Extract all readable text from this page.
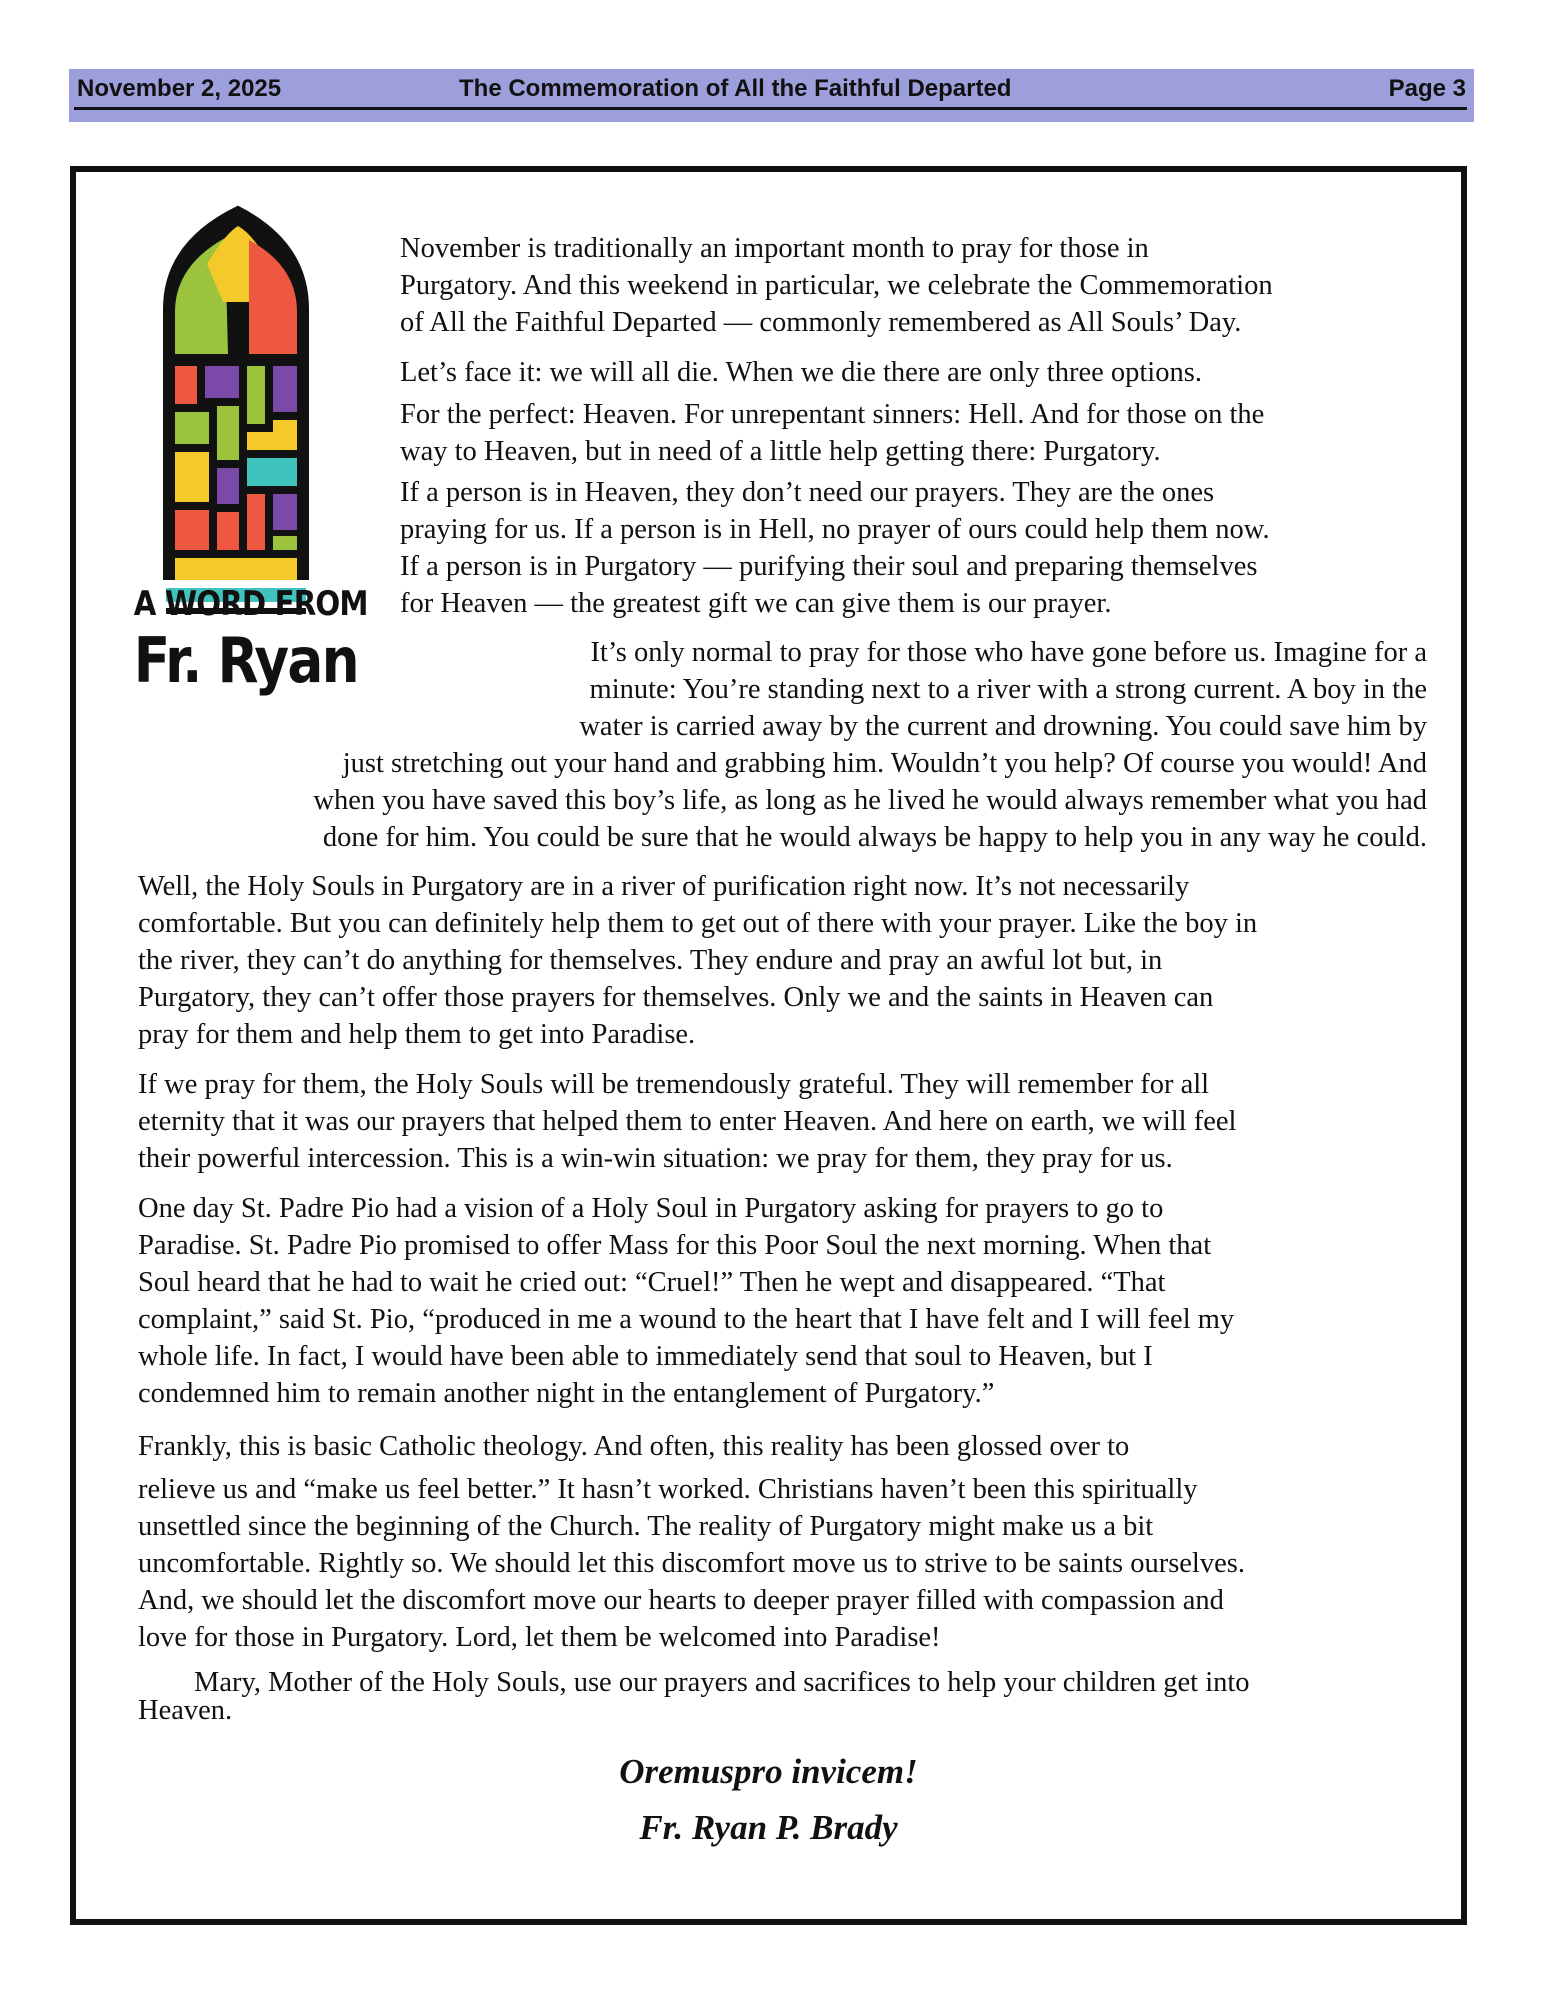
November 2, 2025	The Commemoration of All the Faithful Departed	Page 3
A WORD FROM
Fr. Ryan
November is traditionally an important month to pray for those in
Purgatory. And this weekend in particular, we celebrate the Commemoration
of All the Faithful Departed — commonly remembered as All Souls’ Day.
Let’s face it: we will all die. When we die there are only three options.
For the perfect: Heaven. For unrepentant sinners: Hell. And for those on the
way to Heaven, but in need of a little help getting there: Purgatory.
If a person is in Heaven, they don’t need our prayers. They are the ones
praying for us. If a person is in Hell, no prayer of ours could help them now.
If a person is in Purgatory — purifying their soul and preparing themselves
for Heaven — the greatest gift we can give them is our prayer.
It’s only normal to pray for those who have gone before us. Imagine for a
minute: You’re standing next to a river with a strong current. A boy in the
water is carried away by the current and drowning. You could save him by
just stretching out your hand and grabbing him. Wouldn’t you help? Of course you would! And
when you have saved this boy’s life, as long as he lived he would always remember what you had
done for him. You could be sure that he would always be happy to help you in any way he could.
Well, the Holy Souls in Purgatory are in a river of purification right now. It’s not necessarily
comfortable. But you can definitely help them to get out of there with your prayer. Like the boy in
the river, they can’t do anything for themselves. They endure and pray an awful lot but, in
Purgatory, they can’t offer those prayers for themselves. Only we and the saints in Heaven can
pray for them and help them to get into Paradise.
If we pray for them, the Holy Souls will be tremendously grateful. They will remember for all
eternity that it was our prayers that helped them to enter Heaven. And here on earth, we will feel
their powerful intercession. This is a win-win situation: we pray for them, they pray for us.
One day St. Padre Pio had a vision of a Holy Soul in Purgatory asking for prayers to go to
Paradise. St. Padre Pio promised to offer Mass for this Poor Soul the next morning. When that
Soul heard that he had to wait he cried out: “Cruel!” Then he wept and disappeared. “That
complaint,” said St. Pio, “produced in me a wound to the heart that I have felt and I will feel my
whole life. In fact, I would have been able to immediately send that soul to Heaven, but I
condemned him to remain another night in the entanglement of Purgatory.”
Frankly, this is basic Catholic theology. And often, this reality has been glossed over to
relieve us and “make us feel better.” It hasn’t worked. Christians haven’t been this spiritually
unsettled since the beginning of the Church. The reality of Purgatory might make us a bit
uncomfortable. Rightly so. We should let this discomfort move us to strive to be saints ourselves.
And, we should let the discomfort move our hearts to deeper prayer filled with compassion and
love for those in Purgatory. Lord, let them be welcomed into Paradise!
Mary, Mother of the Holy Souls, use our prayers and sacrifices to help your children get into
Heaven.
Oremuspro invicem!
Fr. Ryan P. Brady
